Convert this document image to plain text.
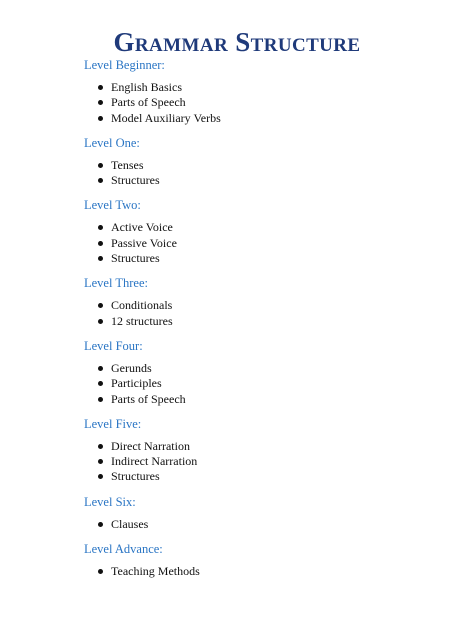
Grammar Structure
Level Beginner:
English Basics
Parts of Speech
Model Auxiliary Verbs
Level One:
Tenses
Structures
Level Two:
Active Voice
Passive Voice
Structures
Level Three:
Conditionals
12 structures
Level Four:
Gerunds
Participles
Parts of Speech
Level Five:
Direct Narration
Indirect Narration
Structures
Level Six:
Clauses
Level Advance:
Teaching Methods
